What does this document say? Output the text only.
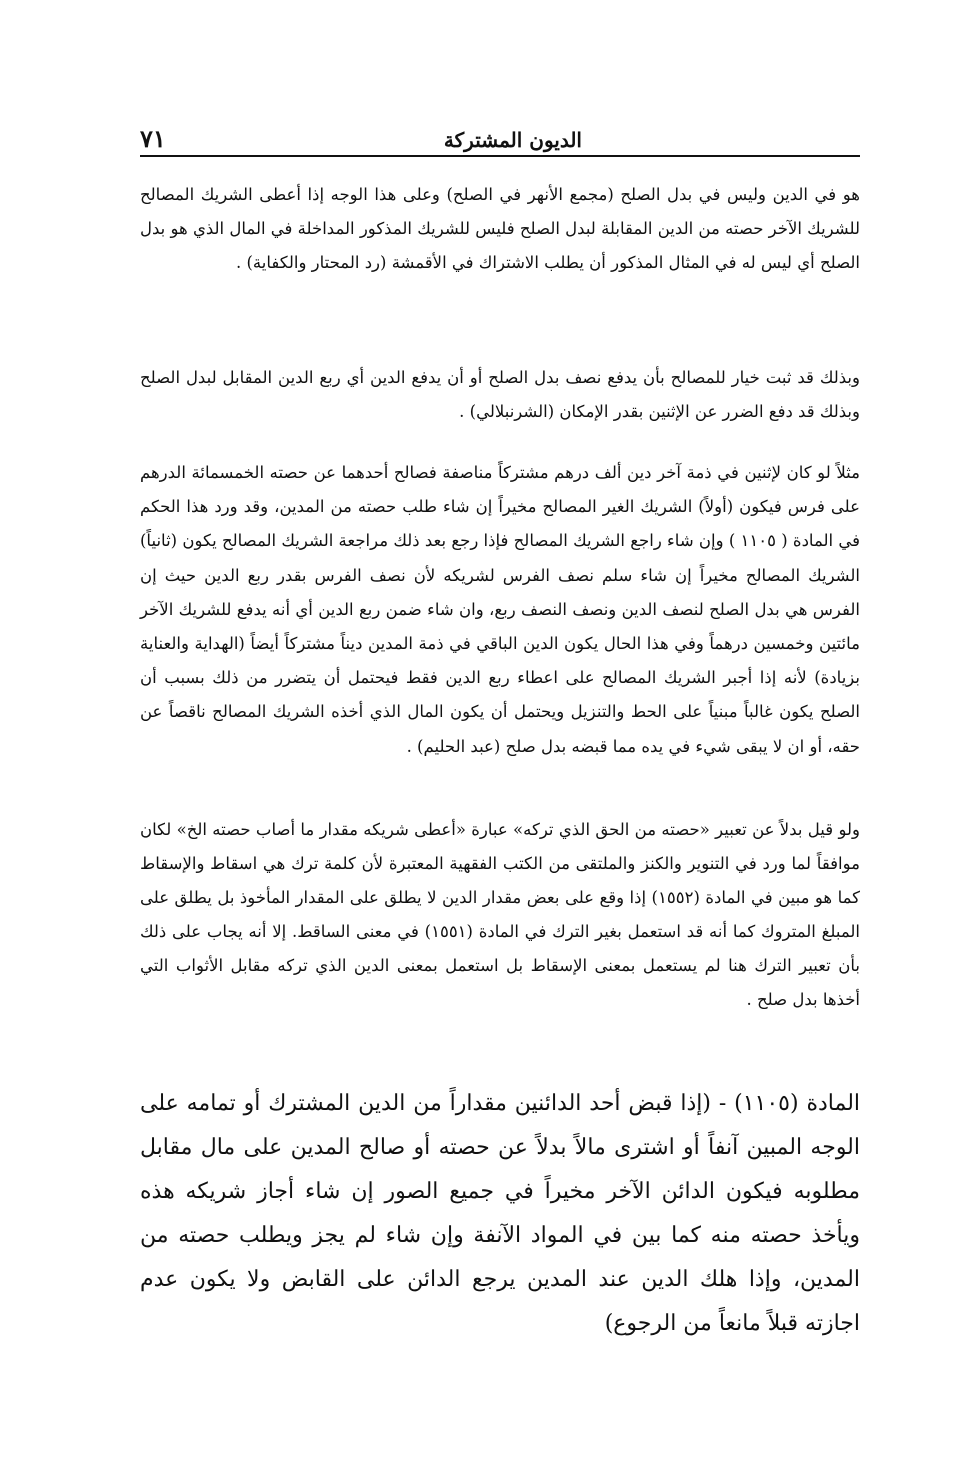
الديون المشتركة
٧١

هو في الدين وليس في بدل الصلح (مجمع الأنهر في الصلح) وعلى هذا الوجه إذا أعطى الشريك المصالح للشريك الآخر حصته من الدين المقابلة لبدل الصلح فليس للشريك المذكور المداخلة في المال الذي هو بدل الصلح أي ليس له في المثال المذكور أن يطلب الاشتراك في الأقمشة (رد المحتار والكفاية) .

وبذلك قد ثبت خيار للمصالح بأن يدفع نصف بدل الصلح أو أن يدفع الدين أي ربع الدين المقابل لبدل الصلح وبذلك قد دفع الضرر عن الإثنين بقدر الإمكان (الشرنبلالي) .

مثلاً لو كان لإثنين في ذمة آخر دين ألف درهم مشتركاً مناصفة فصالح أحدهما عن حصته الخمسمائة الدرهم على فرس فيكون (أولاً) الشريك الغير المصالح مخيراً إن شاء طلب حصته من المدين، وقد ورد هذا الحكم في المادة ( ١١٠٥ ) وإن شاء راجع الشريك المصالح فإذا رجع بعد ذلك مراجعة الشريك المصالح يكون (ثانياً) الشريك المصالح مخيراً إن شاء سلم نصف الفرس لشريكه لأن نصف الفرس بقدر ربع الدين حيث إن الفرس هي بدل الصلح لنصف الدين ونصف النصف ربع، وان شاء ضمن ربع الدين أي أنه يدفع للشريك الآخر مائتين وخمسين درهماً وفي هذا الحال يكون الدين الباقي في ذمة المدين ديناً مشتركاً أيضاً (الهداية والعناية بزيادة) لأنه إذا أجبر الشريك المصالح على اعطاء ربع الدين فقط فيحتمل أن يتضرر من ذلك بسبب أن الصلح يكون غالباً مبنياً على الحط والتنزيل ويحتمل أن يكون المال الذي أخذه الشريك المصالح ناقصاً عن حقه، أو ان لا يبقى شيء في يده مما قبضه بدل صلح (عبد الحليم) .

ولو قيل بدلاً عن تعبير «حصته من الحق الذي تركه» عبارة «أعطى شريكه مقدار ما أصاب حصته الخ» لكان موافقاً لما ورد في التنوير والكنز والملتقى من الكتب الفقهية المعتبرة لأن كلمة ترك هي اسقاط والإسقاط كما هو مبين في المادة (١٥٥٢) إذا وقع على بعض مقدار الدين لا يطلق على المقدار المأخوذ بل يطلق على المبلغ المتروك كما أنه قد استعمل بغير الترك في المادة (١٥٥١) في معنى الساقط. إلا أنه يجاب على ذلك بأن تعبير الترك هنا لم يستعمل بمعنى الإسقاط بل استعمل بمعنى الدين الذي تركه مقابل الأثواب التي أخذها بدل صلح .

المادة (١١٠٥) - (إذا قبض أحد الدائنين مقداراً من الدين المشترك أو تمامه على الوجه المبين آنفاً أو اشترى مالاً بدلاً عن حصته أو صالح المدين على مال مقابل مطلوبه فيكون الدائن الآخر مخيراً في جميع الصور إن شاء أجاز شريكه هذه ويأخذ حصته منه كما بين في المواد الآنفة وإن شاء لم يجز ويطلب حصته من المدين، وإذا هلك الدين عند المدين يرجع الدائن على القابض ولا يكون عدم اجازته قبلاً مانعاً من الرجوع)
